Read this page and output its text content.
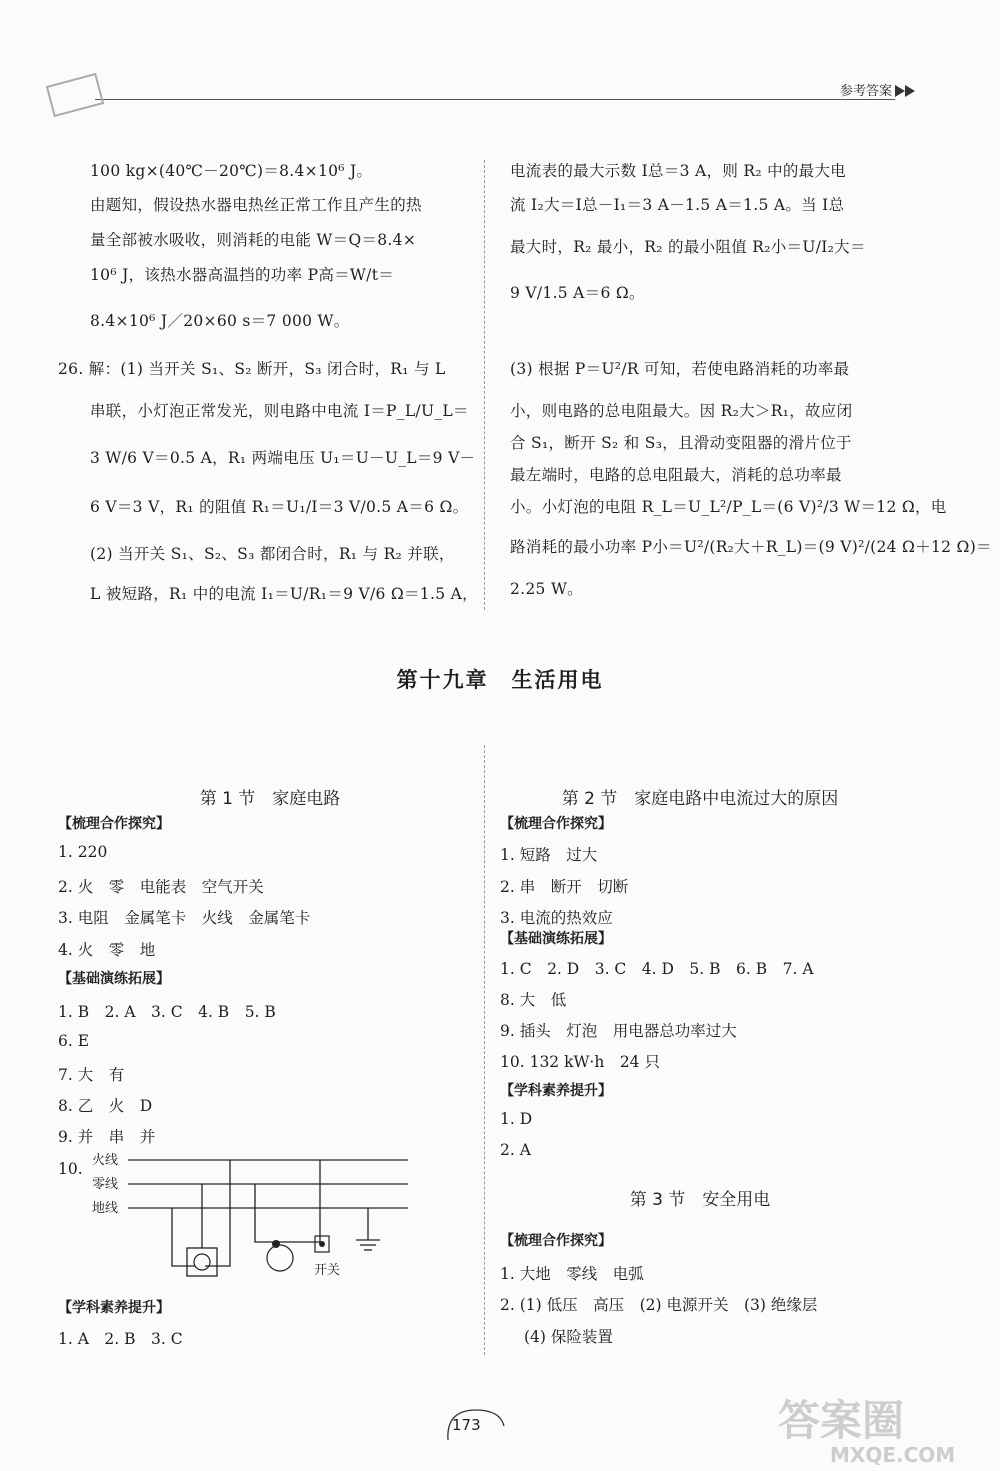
参考答案
100 kg×(40℃－20℃)＝8.4×10⁶ J。
由题知，假设热水器电热丝正常工作且产生的热
量全部被水吸收，则消耗的电能 W＝Q＝8.4×
10⁶ J，该热水器高温挡的功率 P高＝W/t＝
8.4×10⁶ J／20×60 s＝7 000 W。
26. 解：(1) 当开关 S₁、S₂ 断开，S₃ 闭合时，R₁ 与 L
串联，小灯泡正常发光，则电路中电流 I＝P_L/U_L＝
3 W/6 V＝0.5 A，R₁ 两端电压 U₁＝U－U_L＝9 V－
6 V＝3 V，R₁ 的阻值 R₁＝U₁/I＝3 V/0.5 A＝6 Ω。
(2) 当开关 S₁、S₂、S₃ 都闭合时，R₁ 与 R₂ 并联，
L 被短路，R₁ 中的电流 I₁＝U/R₁＝9 V/6 Ω＝1.5 A，
电流表的最大示数 I总＝3 A，则 R₂ 中的最大电
流 I₂大＝I总－I₁＝3 A－1.5 A＝1.5 A。当 I总
最大时，R₂ 最小，R₂ 的最小阻值 R₂小＝U/I₂大＝
9 V/1.5 A＝6 Ω。
(3) 根据 P＝U²/R 可知，若使电路消耗的功率最
小，则电路的总电阻最大。因 R₂大＞R₁，故应闭
合 S₁，断开 S₂ 和 S₃，且滑动变阻器的滑片位于
最左端时，电路的总电阻最大，消耗的总功率最
小。小灯泡的电阻 R_L＝U_L²/P_L＝(6 V)²/3 W＝12 Ω，电
路消耗的最小功率 P小＝U²/(R₂大＋R_L)＝(9 V)²/(24 Ω＋12 Ω)＝
2.25 W。
第十九章　生活用电
第 1 节　家庭电路
【梳理合作探究】
1. 220
2. 火　零　电能表　空气开关
3. 电阻　金属笔卡　火线　金属笔卡
4. 火　零　地
【基础演练拓展】
1. B　2. A　3. C　4. B　5. B
6. E
7. 大　有
8. 乙　火　D
9. 并　串　并
10. 火线
零线
地线
开关
【学科素养提升】
1. A　2. B　3. C
第 2 节　家庭电路中电流过大的原因
【梳理合作探究】
1. 短路　过大
2. 串　断开　切断
3. 电流的热效应
【基础演练拓展】
1. C　2. D　3. C　4. D　5. B　6. B　7. A
8. 大　低
9. 插头　灯泡　用电器总功率过大
10. 132 kW·h　24 只
【学科素养提升】
1. D
2. A
第 3 节　安全用电
【梳理合作探究】
1. 大地　零线　电弧
2. (1) 低压　高压　(2) 电源开关　(3) 绝缘层
(4) 保险装置
173	答案圈
MXQE.COM
